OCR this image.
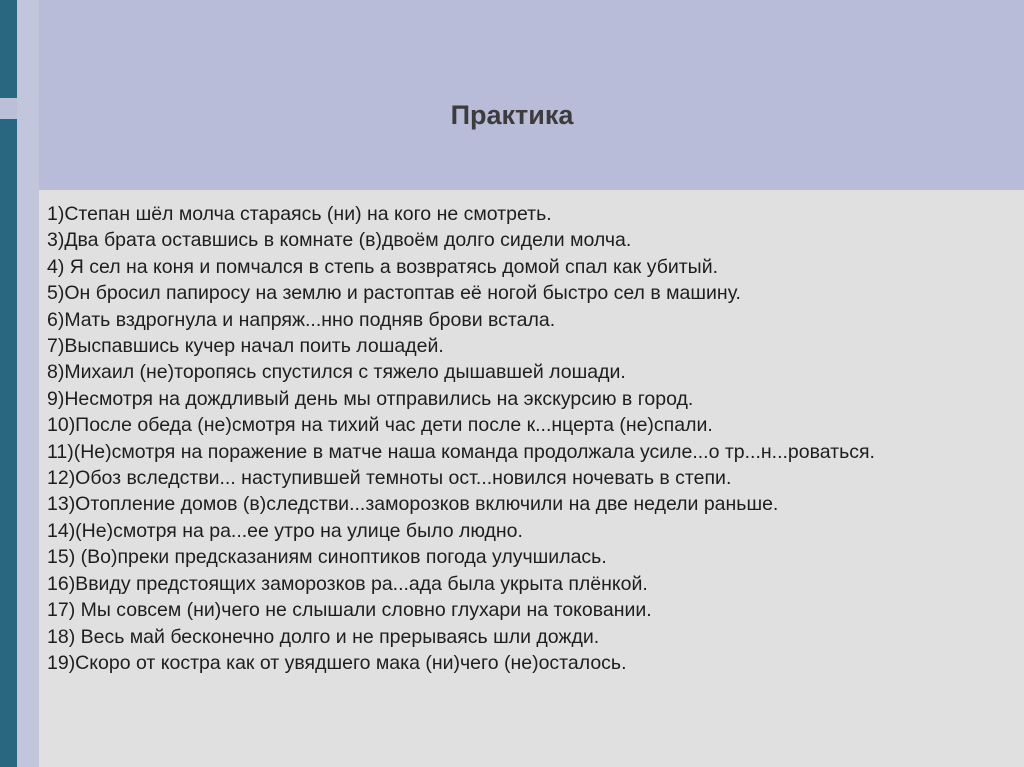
Практика
1)Степан шёл молча стараясь (ни) на кого не смотреть.
3)Два брата оставшись в комнате (в)двоём долго сидели молча.
4) Я сел на коня и помчался в степь а возвратясь домой спал как убитый.
5)Он бросил папиросу на землю и растоптав её ногой быстро сел в машину.
6)Мать вздрогнула и напряж...нно подняв брови встала.
7)Выспавшись кучер начал поить лошадей.
8)Михаил (не)торопясь спустился с тяжело дышавшей лошади.
9)Несмотря на дождливый день мы отправились на экскурсию в город.
10)После обеда (не)смотря на тихий час дети после к...нцерта (не)спали.
11)(Не)смотря на поражение в матче наша команда продолжала усиле...о тр...н...роваться.
12)Обоз вследстви... наступившей темноты ост...новился ночевать в степи.
13)Отопление домов (в)следстви...заморозков включили на две недели раньше.
14)(Не)смотря на ра...ее утро на улице было людно.
15) (Во)преки предсказаниям синоптиков погода улучшилась.
16)Ввиду предстоящих заморозков ра...ада была укрыта плёнкой.
17) Мы совсем (ни)чего не слышали словно глухари на токовании.
18) Весь май бесконечно долго и не прерываясь шли дожди.
19)Скоро от костра как от увядшего мака (ни)чего (не)осталось.
